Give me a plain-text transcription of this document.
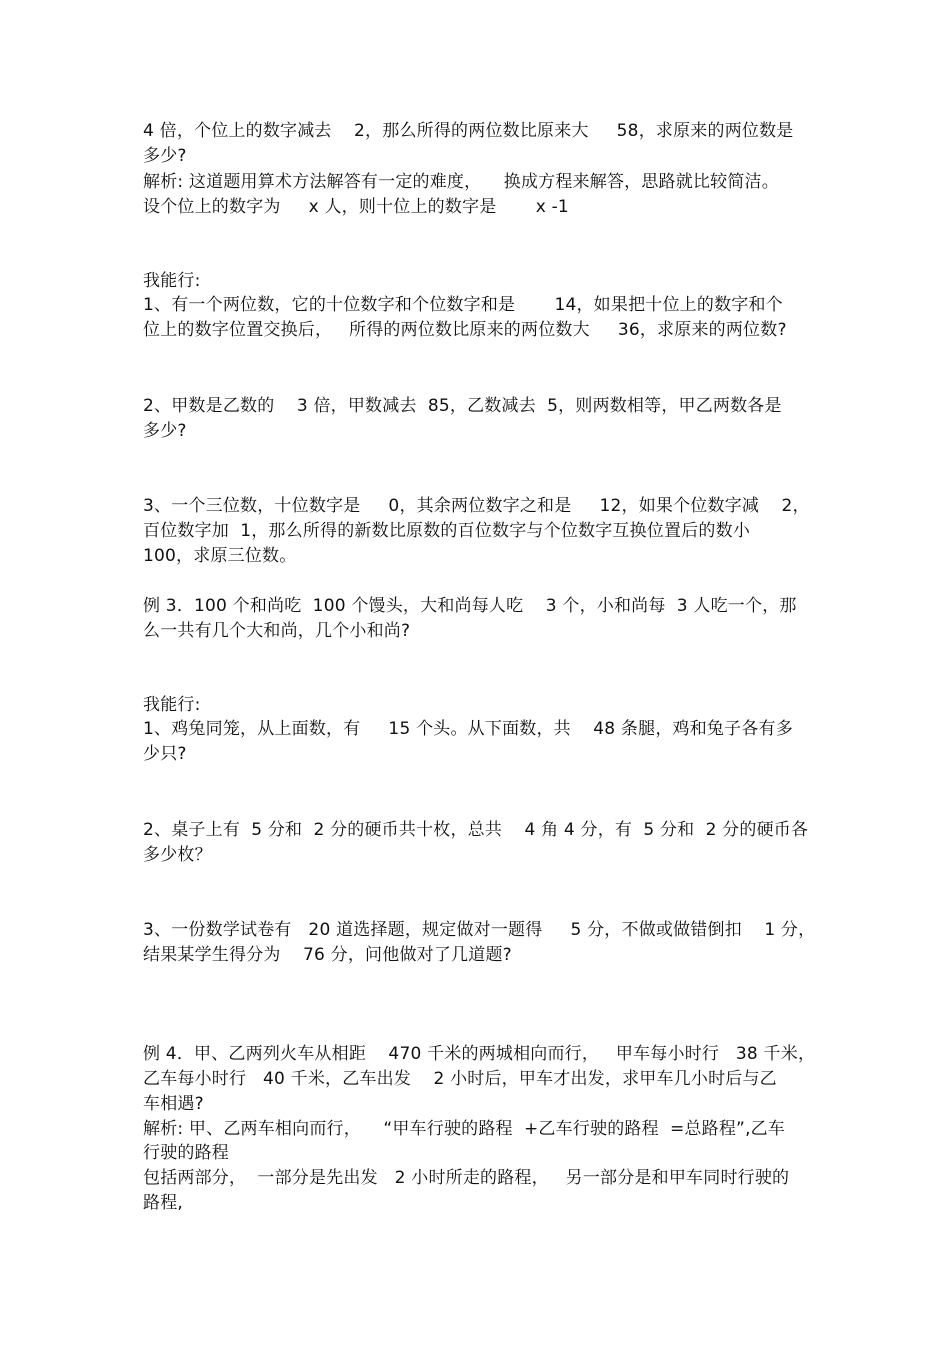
4 倍，个位上的数字减去    2，那么所得的两位数比原来大     58，求原来的两位数是
多少?
解析: 这道题用算术方法解答有一定的难度，    换成方程来解答，思路就比较简洁。
设个位上的数字为     x 人，则十位上的数字是       x -1
我能行:
1、有一个两位数，它的十位数字和个位数字和是       14，如果把十位上的数字和个
位上的数字位置交换后，   所得的两位数比原来的两位数大     36，求原来的两位数?
2、甲数是乙数的    3 倍，甲数减去  85，乙数减去  5，则两数相等，甲乙两数各是
多少?
3、一个三位数，十位数字是     0，其余两位数字之和是     12，如果个位数字减    2，
百位数字加  1，那么所得的新数比原数的百位数字与个位数字互换位置后的数小
100，求原三位数。
例 3．100 个和尚吃  100 个馒头，大和尚每人吃    3 个，小和尚每  3 人吃一个，那
么一共有几个大和尚，几个小和尚?
我能行:
1、鸡兔同笼，从上面数，有     15 个头。从下面数，共    48 条腿，鸡和兔子各有多
少只?
2、桌子上有  5 分和  2 分的硬币共十枚，总共    4 角 4 分，有  5 分和  2 分的硬币各
多少枚？
3、一份数学试卷有   20 道选择题，规定做对一题得     5 分，不做或做错倒扣    1 分，
结果某学生得分为    76 分，问他做对了几道题?
例 4．甲、乙两列火车从相距    470 千米的两城相向而行，   甲车每小时行   38 千米，
乙车每小时行   40 千米，乙车出发    2 小时后，甲车才出发，求甲车几小时后与乙
车相遇?
解析: 甲、乙两车相向而行，    “甲车行驶的路程  +乙车行驶的路程  =总路程”,乙车
行驶的路程
包括两部分，  一部分是先出发   2 小时所走的路程，   另一部分是和甲车同时行驶的
路程,
